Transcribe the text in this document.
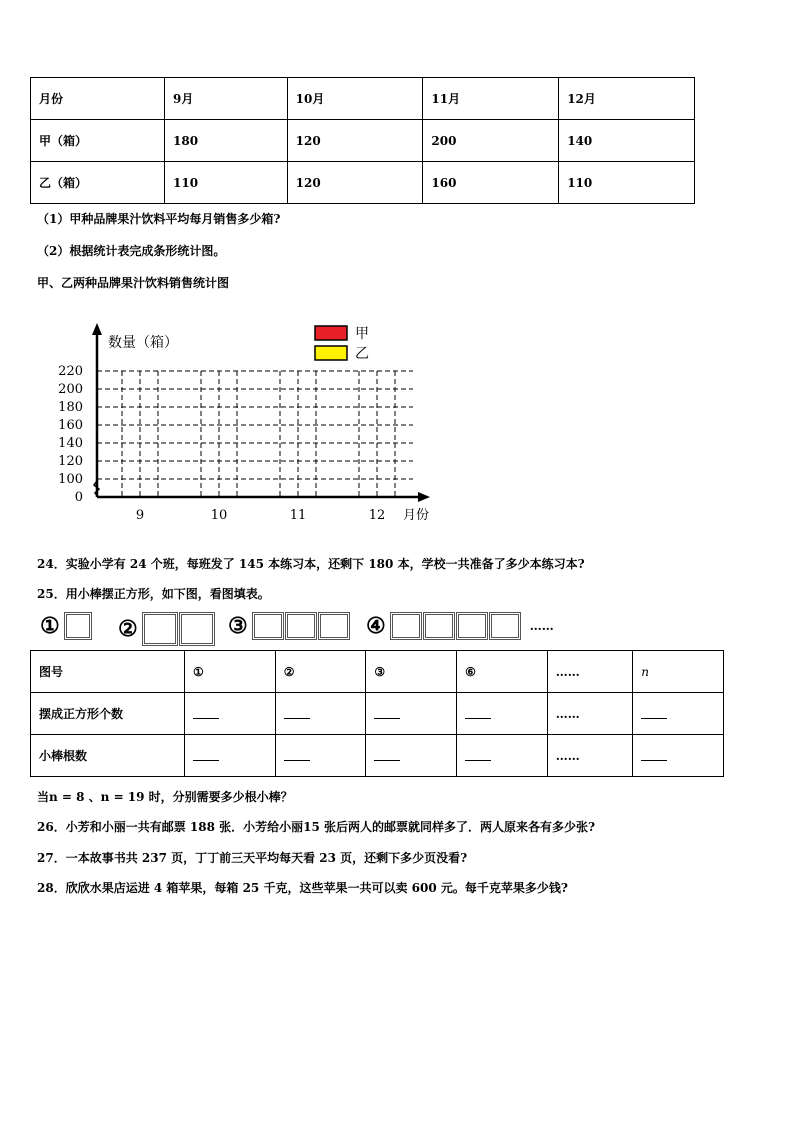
月份	9月	10月	11月	12月
甲（箱）	180	120	200	140
乙（箱）	110	120	160	110
（1）甲种品牌果汁饮料平均每月销售多少箱?
（2）根据统计表完成条形统计图。
甲、乙两种品牌果汁饮料销售统计图
0
100
120
140
160
180
200
220
9	10	11	12
数量（箱）
月份
甲
乙
24．实验小学有 24 个班，每班发了 145 本练习本，还剩下 180 本，学校一共准备了多少本练习本?
25．用小棒摆正方形，如下图，看图填表。
①	②	③	④	……
图号	①	②	③	⑥	……	n
摆成正方形个数					……	
小棒根数					……	
当n = 8 、n = 19 时，分别需要多少根小棒？
26．小芳和小丽一共有邮票 188 张．小芳给小丽15 张后两人的邮票就同样多了．两人原来各有多少张?
27．一本故事书共 237 页，丁丁前三天平均每天看 23 页，还剩下多少页没看?
28．欣欣水果店运进 4 箱苹果，每箱 25 千克，这些苹果一共可以卖 600 元。每千克苹果多少钱?
